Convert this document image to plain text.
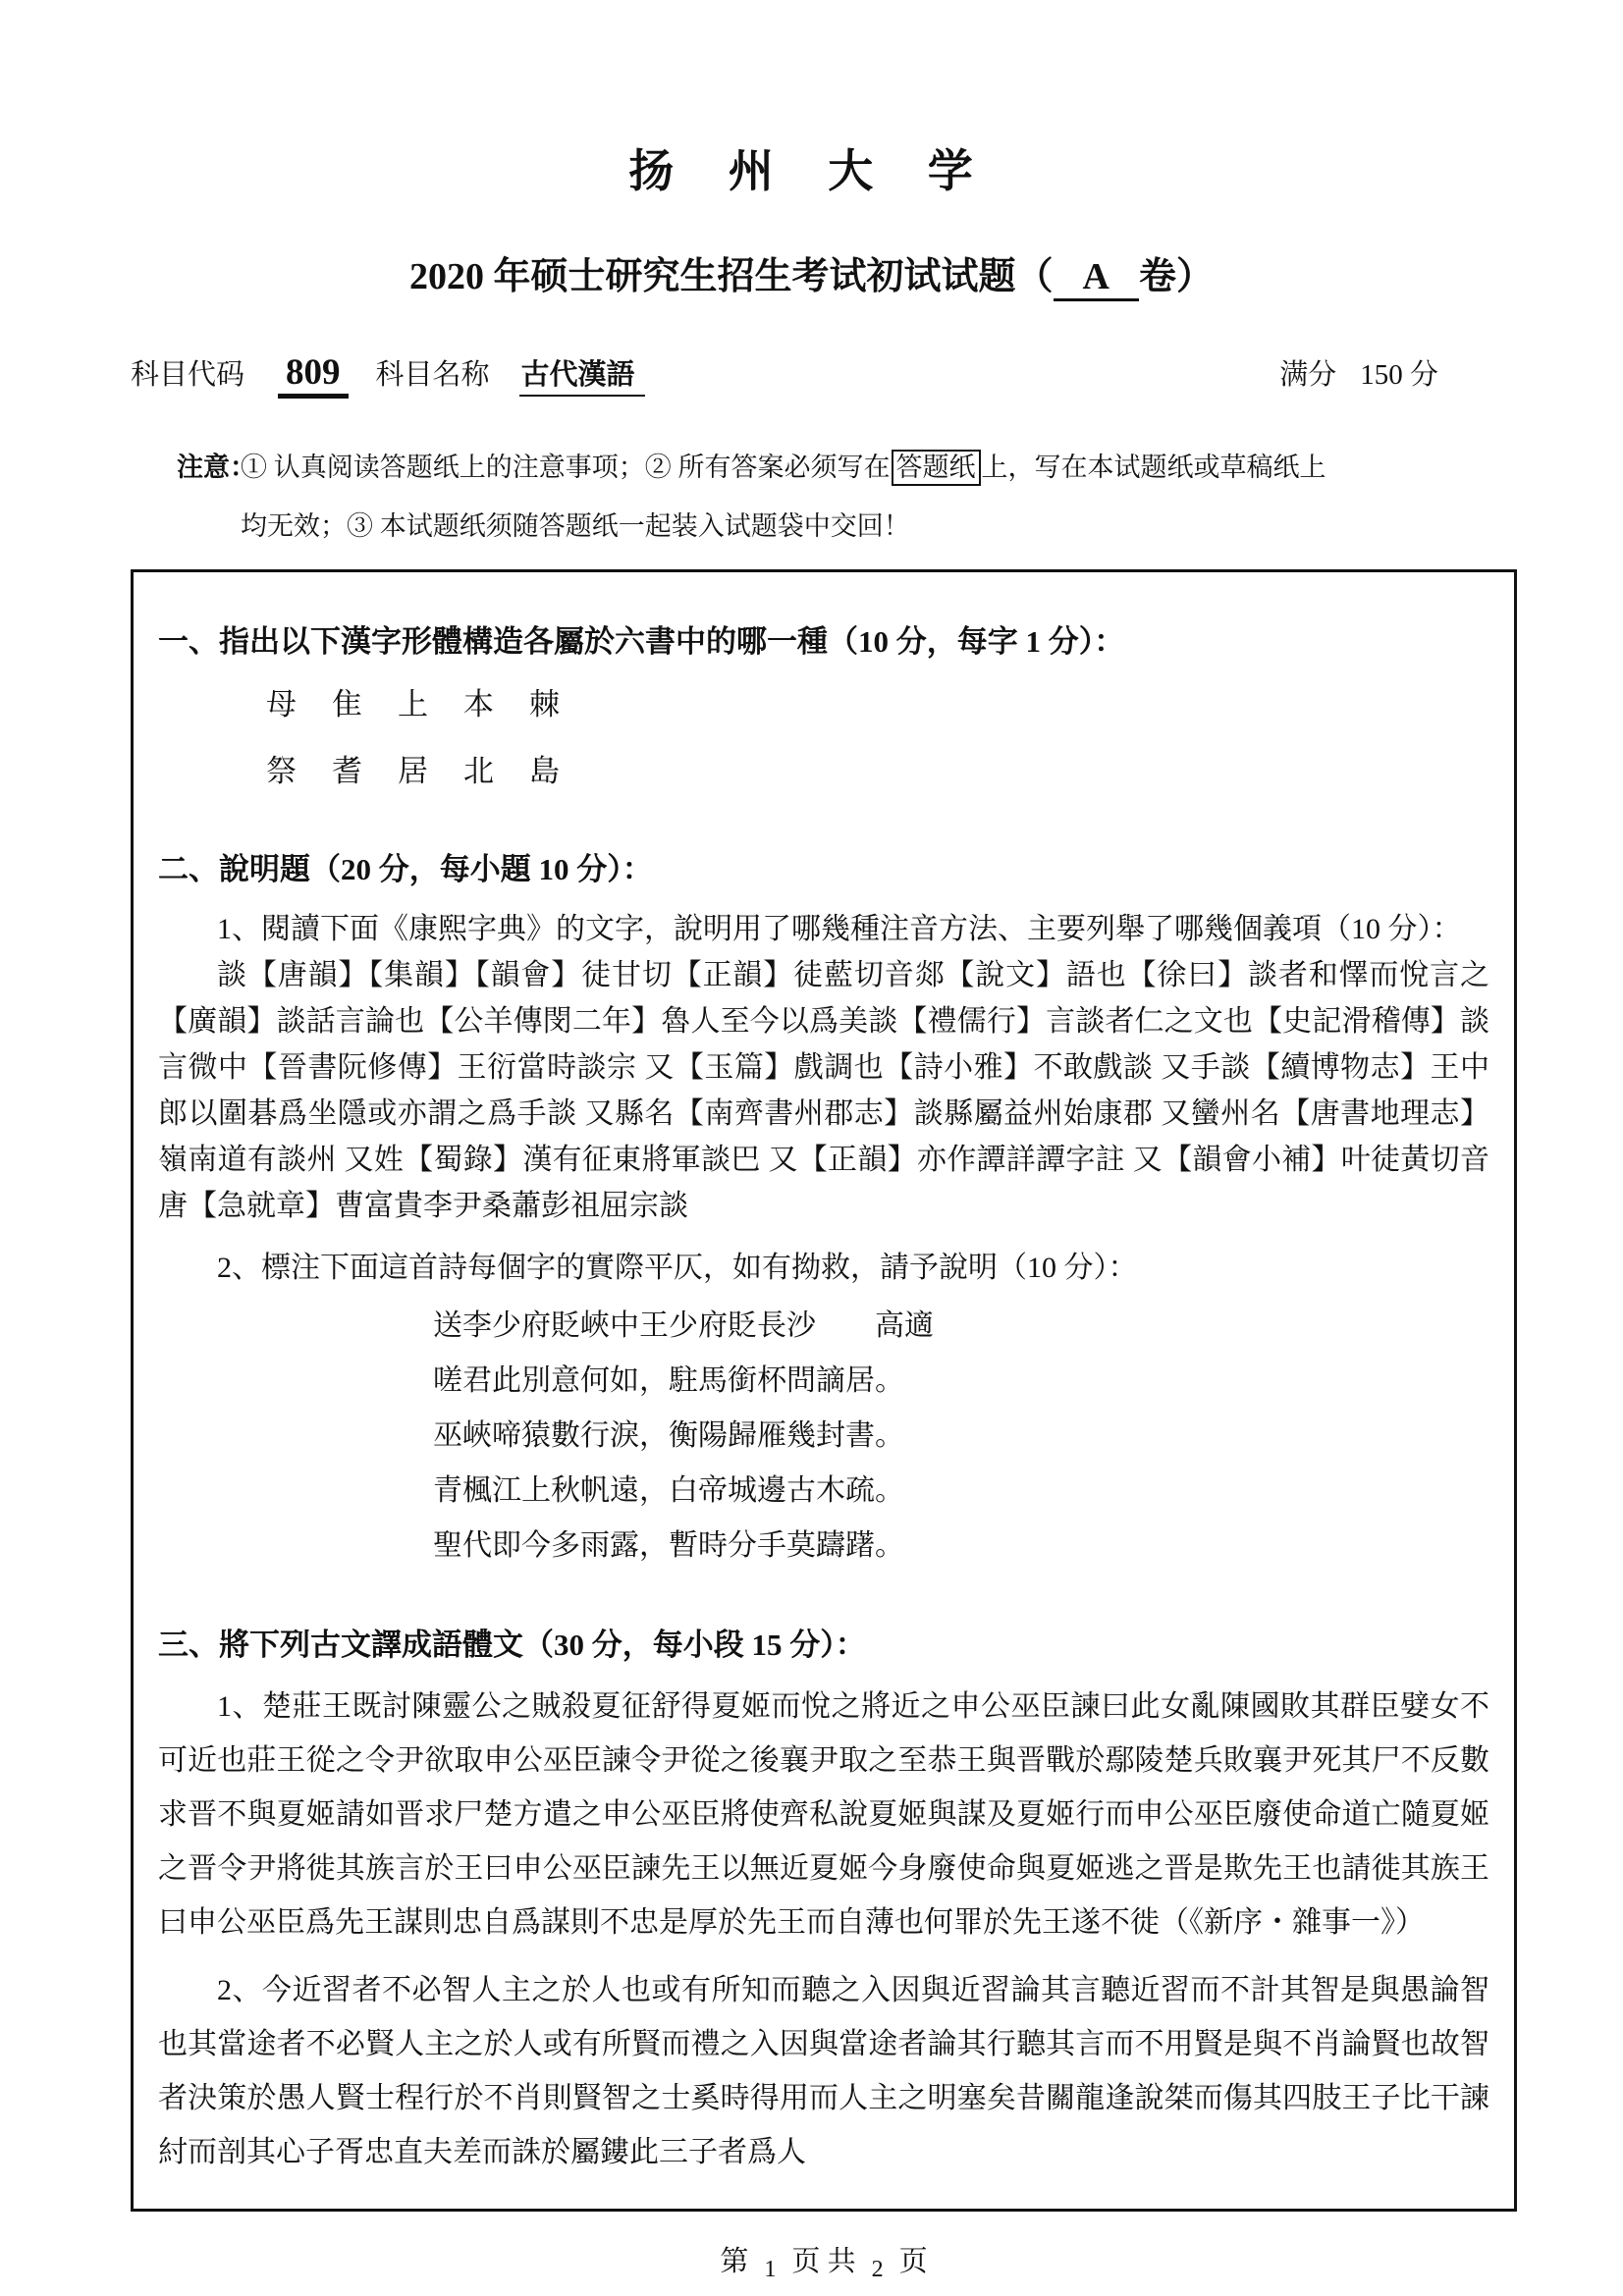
扬 州 大 学
2020 年硕士研究生招生考试初试试题（ A 卷）
科目代码 809 科目名称 古代漢語	满分 150 分
注意：
① 认真阅读答题纸上的注意事项；② 所有答案必须写在 答题纸 上，写在本试题纸或草稿纸上
均无效；③ 本试题纸须随答题纸一起装入试题袋中交回！
一、指出以下漢字形體構造各屬於六書中的哪一種（10 分，每字 1 分）：
母隹上本棘
祭耆居北島
二、說明題（20 分，每小題 10 分）：
1、閱讀下面《康熙字典》的文字，說明用了哪幾種注音方法、主要列舉了哪幾個義項（10 分）：
談【唐韻】【集韻】【韻會】徒甘切【正韻】徒藍切音郯【說文】語也【徐曰】談者和懌而悅言之【廣韻】談話言論也【公羊傳閔二年】魯人至今以爲美談【禮儒行】言談者仁之文也【史記滑稽傳】談言微中【晉書阮修傳】王衍當時談宗 又【玉篇】戲調也【詩小雅】不敢戲談 又手談【續博物志】王中郎以圍碁爲坐隱或亦謂之爲手談 又縣名【南齊書州郡志】談縣屬益州始康郡 又蠻州名【唐書地理志】嶺南道有談州 又姓【蜀錄】漢有征東將軍談巴 又【正韻】亦作譚詳譚字註 又【韻會小補】叶徒黃切音唐【急就章】曹富貴李尹桑蕭彭祖屈宗談
2、標注下面這首詩每個字的實際平仄，如有拗救，請予說明（10 分）：
送李少府貶峽中王少府貶長沙　　高適
嗟君此別意何如，駐馬銜杯問謫居。
巫峽啼猿數行淚，衡陽歸雁幾封書。
青楓江上秋帆遠，白帝城邊古木疏。
聖代即今多雨露，暫時分手莫躊躇。
三、將下列古文譯成語體文（30 分，每小段 15 分）：
1、楚莊王既討陳靈公之賊殺夏征舒得夏姬而悅之將近之申公巫臣諫曰此女亂陳國敗其群臣嬖女不可近也莊王從之令尹欲取申公巫臣諫令尹從之後襄尹取之至恭王與晋戰於鄢陵楚兵敗襄尹死其尸不反數求晋不與夏姬請如晋求尸楚方遣之申公巫臣將使齊私說夏姬與謀及夏姬行而申公巫臣廢使命道亡隨夏姬之晋令尹將徙其族言於王曰申公巫臣諫先王以無近夏姬今身廢使命與夏姬逃之晋是欺先王也請徙其族王曰申公巫臣爲先王謀則忠自爲謀則不忠是厚於先王而自薄也何罪於先王遂不徙（《新序・雜事一》）
2、今近習者不必智人主之於人也或有所知而聽之入因與近習論其言聽近習而不計其智是與愚論智也其當途者不必賢人主之於人或有所賢而禮之入因與當途者論其行聽其言而不用賢是與不肖論賢也故智者決策於愚人賢士程行於不肖則賢智之士奚時得用而人主之明塞矣昔關龍逢說桀而傷其四肢王子比干諫紂而剖其心子胥忠直夫差而誅於屬鏤此三子者爲人
第 $_1$ 页 共 $_2$ 页
